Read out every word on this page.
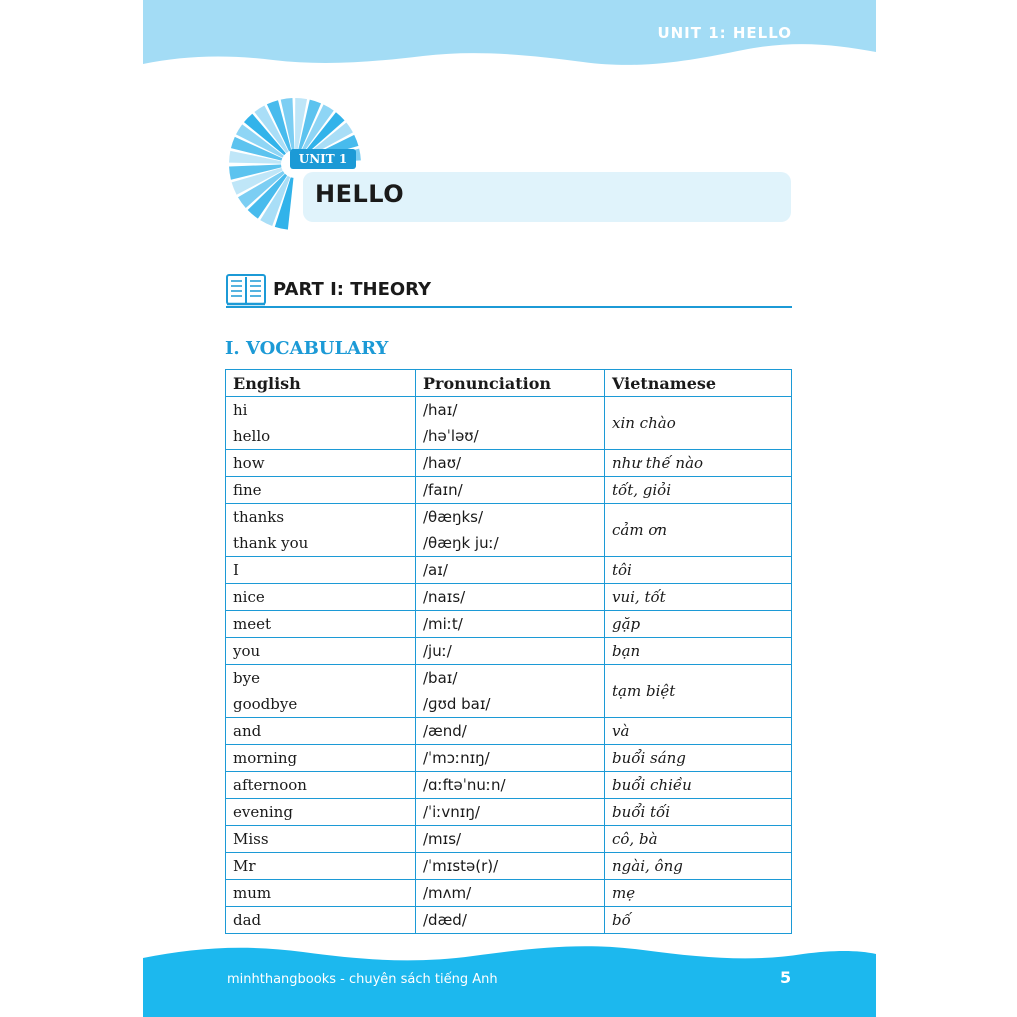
UNIT 1: HELLO
UNIT 1
HELLO
PART I: THEORY
I. VOCABULARY
English	Pronunciation	Vietnamese
hi	/haɪ/	xin chào
hello	/həˈləʊ/	
how	/haʊ/	như thế nào
fine	/faɪn/	tốt, giỏi
thanks	/θæŋks/	cảm ơn
thank you	/θæŋk juː/	
I	/aɪ/	tôi
nice	/naɪs/	vui, tốt
meet	/miːt/	gặp
you	/juː/	bạn
bye	/baɪ/	tạm biệt
goodbye	/ɡʊd baɪ/	
and	/ænd/	và
morning	/ˈmɔːnɪŋ/	buổi sáng
afternoon	/ɑːftəˈnuːn/	buổi chiều
evening	/ˈiːvnɪŋ/	buổi tối
Miss	/mɪs/	cô, bà
Mr	/ˈmɪstə(r)/	ngài, ông
mum	/mʌm/	mẹ
dad	/dæd/	bố
minhthangbooks - chuyên sách tiếng Anh	5
